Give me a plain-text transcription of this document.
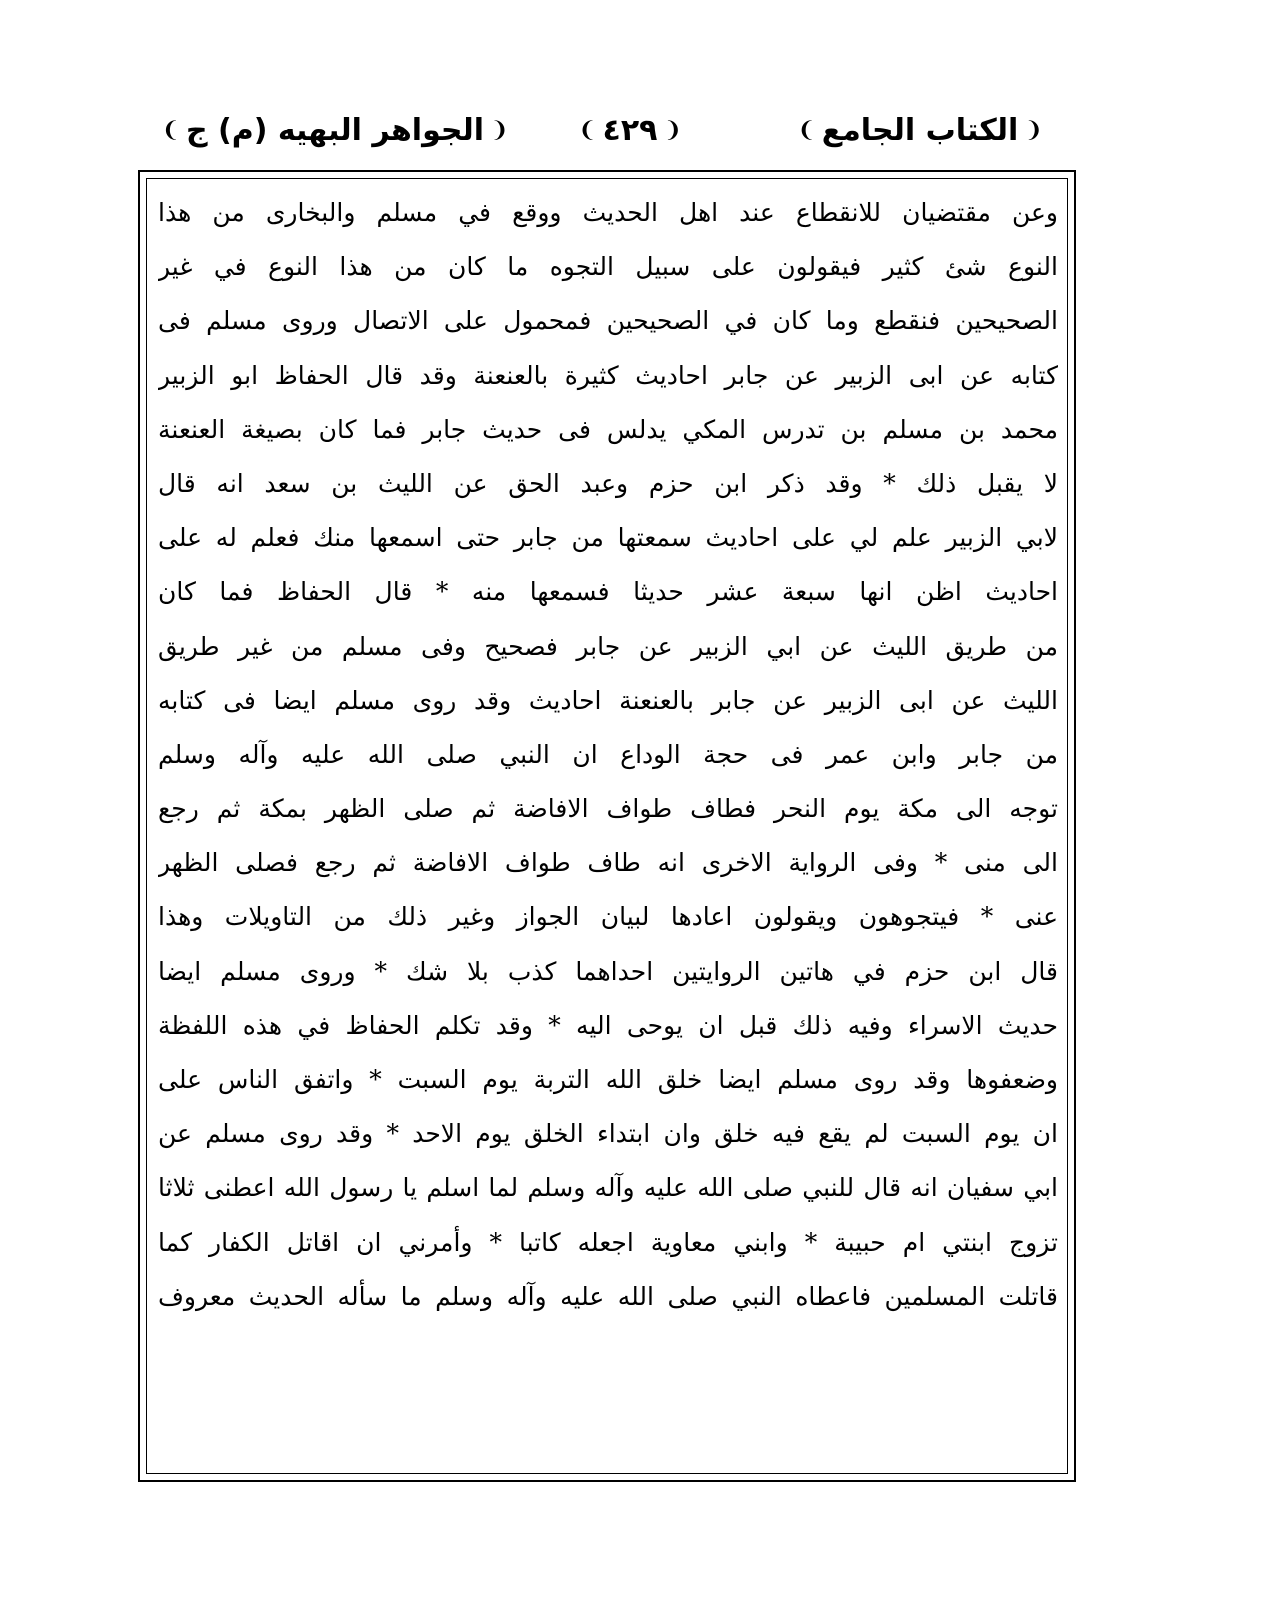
❨
الكتاب الجامع
❩
❨
٤٢٩
❩
❨
الجواهر البهيه (م) ج
❩
وعن مقتضيان للانقطاع عند اهل الحديث ووقع في مسلم والبخارى من هذا
النوع شئ كثير فيقولون على سبيل التجوه ما كان من هذا النوع في غير
الصحيحين فنقطع وما كان في الصحيحين فمحمول على الاتصال وروى مسلم فى
كتابه عن ابى الزبير عن جابر احاديث كثيرة بالعنعنة وقد قال الحفاظ ابو الزبير
محمد بن مسلم بن تدرس المكي يدلس فى حديث جابر فما كان بصيغة العنعنة
لا يقبل ذلك * وقد ذكر ابن حزم وعبد الحق عن الليث بن سعد انه قال
لابي الزبير علم لي على احاديث سمعتها من جابر حتى اسمعها منك فعلم له على
احاديث اظن انها سبعة عشر حديثا فسمعها منه * قال الحفاظ فما كان
من طريق الليث عن ابي الزبير عن جابر فصحيح وفى مسلم من غير طريق
الليث عن ابى الزبير عن جابر بالعنعنة احاديث وقد روى مسلم ايضا فى كتابه
من جابر وابن عمر فى حجة الوداع ان النبي صلى الله عليه وآله وسلم
توجه الى مكة يوم النحر فطاف طواف الافاضة ثم صلى الظهر بمكة ثم رجع
الى منى * وفى الرواية الاخرى انه طاف طواف الافاضة ثم رجع فصلى الظهر
عنى * فيتجوهون ويقولون اعادها لبيان الجواز وغير ذلك من التاويلات وهذا
قال ابن حزم في هاتين الروايتين احداهما كذب بلا شك * وروى مسلم ايضا
حديث الاسراء وفيه ذلك قبل ان يوحى اليه * وقد تكلم الحفاظ في هذه اللفظة
وضعفوها وقد روى مسلم ايضا خلق الله التربة يوم السبت * واتفق الناس على
ان يوم السبت لم يقع فيه خلق وان ابتداء الخلق يوم الاحد * وقد روى مسلم عن
ابي سفيان انه قال للنبي صلى الله عليه وآله وسلم لما اسلم يا رسول الله اعطنى ثلاثا
تزوج ابنتي ام حبيبة * وابني معاوية اجعله كاتبا * وأمرني ان اقاتل الكفار كما
قاتلت المسلمين فاعطاه النبي صلى الله عليه وآله وسلم ما سأله الحديث معروف
